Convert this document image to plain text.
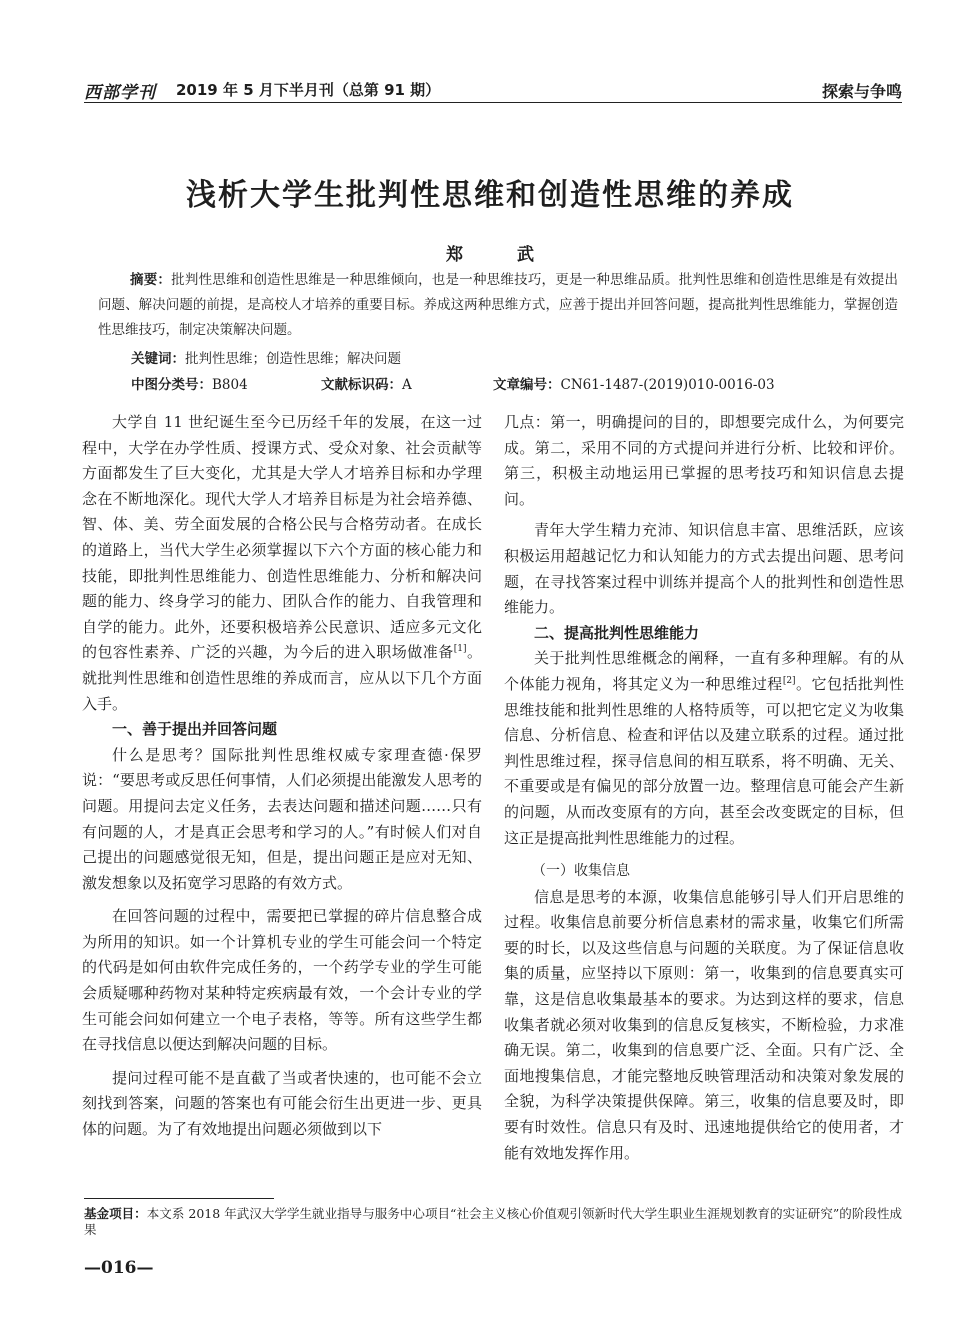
西部学刊 2019 年 5 月下半月刊（总第 91 期）	探索与争鸣
浅析大学生批判性思维和创造性思维的养成
郑 武
摘要：批判性思维和创造性思维是一种思维倾向，也是一种思维技巧，更是一种思维品质。批判性思维和创造性思维是有效提出问题、解决问题的前提，是高校人才培养的重要目标。养成这两种思维方式，应善于提出并回答问题，提高批判性思维能力，掌握创造性思维技巧，制定决策解决问题。
关键词：批判性思维；创造性思维；解决问题
中图分类号：B804	文献标识码：A	文章编号：CN61-1487-(2019)010-0016-03

大学自 11 世纪诞生至今已历经千年的发展，在这一过程中，大学在办学性质、授课方式、受众对象、社会贡献等方面都发生了巨大变化，尤其是大学人才培养目标和办学理念在不断地深化。现代大学人才培养目标是为社会培养德、智、体、美、劳全面发展的合格公民与合格劳动者。在成长的道路上，当代大学生必须掌握以下六个方面的核心能力和技能，即批判性思维能力、创造性思维能力、分析和解决问题的能力、终身学习的能力、团队合作的能力、自我管理和自学的能力。此外，还要积极培养公民意识、适应多元文化的包容性素养、广泛的兴趣，为今后的进入职场做准备[1]。就批判性思维和创造性思维的养成而言，应从以下几个方面入手。

一、善于提出并回答问题

什么是思考？国际批判性思维权威专家理查德·保罗说：“要思考或反思任何事情，人们必须提出能激发人思考的问题。用提问去定义任务，去表达问题和描述问题……只有有问题的人，才是真正会思考和学习的人。”有时候人们对自己提出的问题感觉很无知，但是，提出问题正是应对无知、激发想象以及拓宽学习思路的有效方式。

在回答问题的过程中，需要把已掌握的碎片信息整合成为所用的知识。如一个计算机专业的学生可能会问一个特定的代码是如何由软件完成任务的，一个药学专业的学生可能会质疑哪种药物对某种特定疾病最有效，一个会计专业的学生可能会问如何建立一个电子表格，等等。所有这些学生都在寻找信息以便达到解决问题的目标。

提问过程可能不是直截了当或者快速的，也可能不会立刻找到答案，问题的答案也有可能会衍生出更进一步、更具体的问题。为了有效地提出问题必须做到以下

几点：第一，明确提问的目的，即想要完成什么，为何要完成。第二，采用不同的方式提问并进行分析、比较和评价。第三，积极主动地运用已掌握的思考技巧和知识信息去提问。

青年大学生精力充沛、知识信息丰富、思维活跃，应该积极运用超越记忆力和认知能力的方式去提出问题、思考问题，在寻找答案过程中训练并提高个人的批判性和创造性思维能力。

二、提高批判性思维能力

关于批判性思维概念的阐释，一直有多种理解。有的从个体能力视角，将其定义为一种思维过程[2]。它包括批判性思维技能和批判性思维的人格特质等，可以把它定义为收集信息、分析信息、检查和评估以及建立联系的过程。通过批判性思维过程，探寻信息间的相互联系，将不明确、无关、不重要或是有偏见的部分放置一边。整理信息可能会产生新的问题，从而改变原有的方向，甚至会改变既定的目标，但这正是提高批判性思维能力的过程。

（一）收集信息

信息是思考的本源，收集信息能够引导人们开启思维的过程。收集信息前要分析信息素材的需求量，收集它们所需要的时长，以及这些信息与问题的关联度。为了保证信息收集的质量，应坚持以下原则：第一，收集到的信息要真实可靠，这是信息收集最基本的要求。为达到这样的要求，信息收集者就必须对收集到的信息反复核实，不断检验，力求准确无误。第二，收集到的信息要广泛、全面。只有广泛、全面地搜集信息，才能完整地反映管理活动和决策对象发展的全貌，为科学决策提供保障。第三，收集的信息要及时，即要有时效性。信息只有及时、迅速地提供给它的使用者，才能有效地发挥作用。

基金项目：本文系 2018 年武汉大学学生就业指导与服务中心项目“社会主义核心价值观引领新时代大学生职业生涯规划教育的实证研究”的阶段性成果
—016—
